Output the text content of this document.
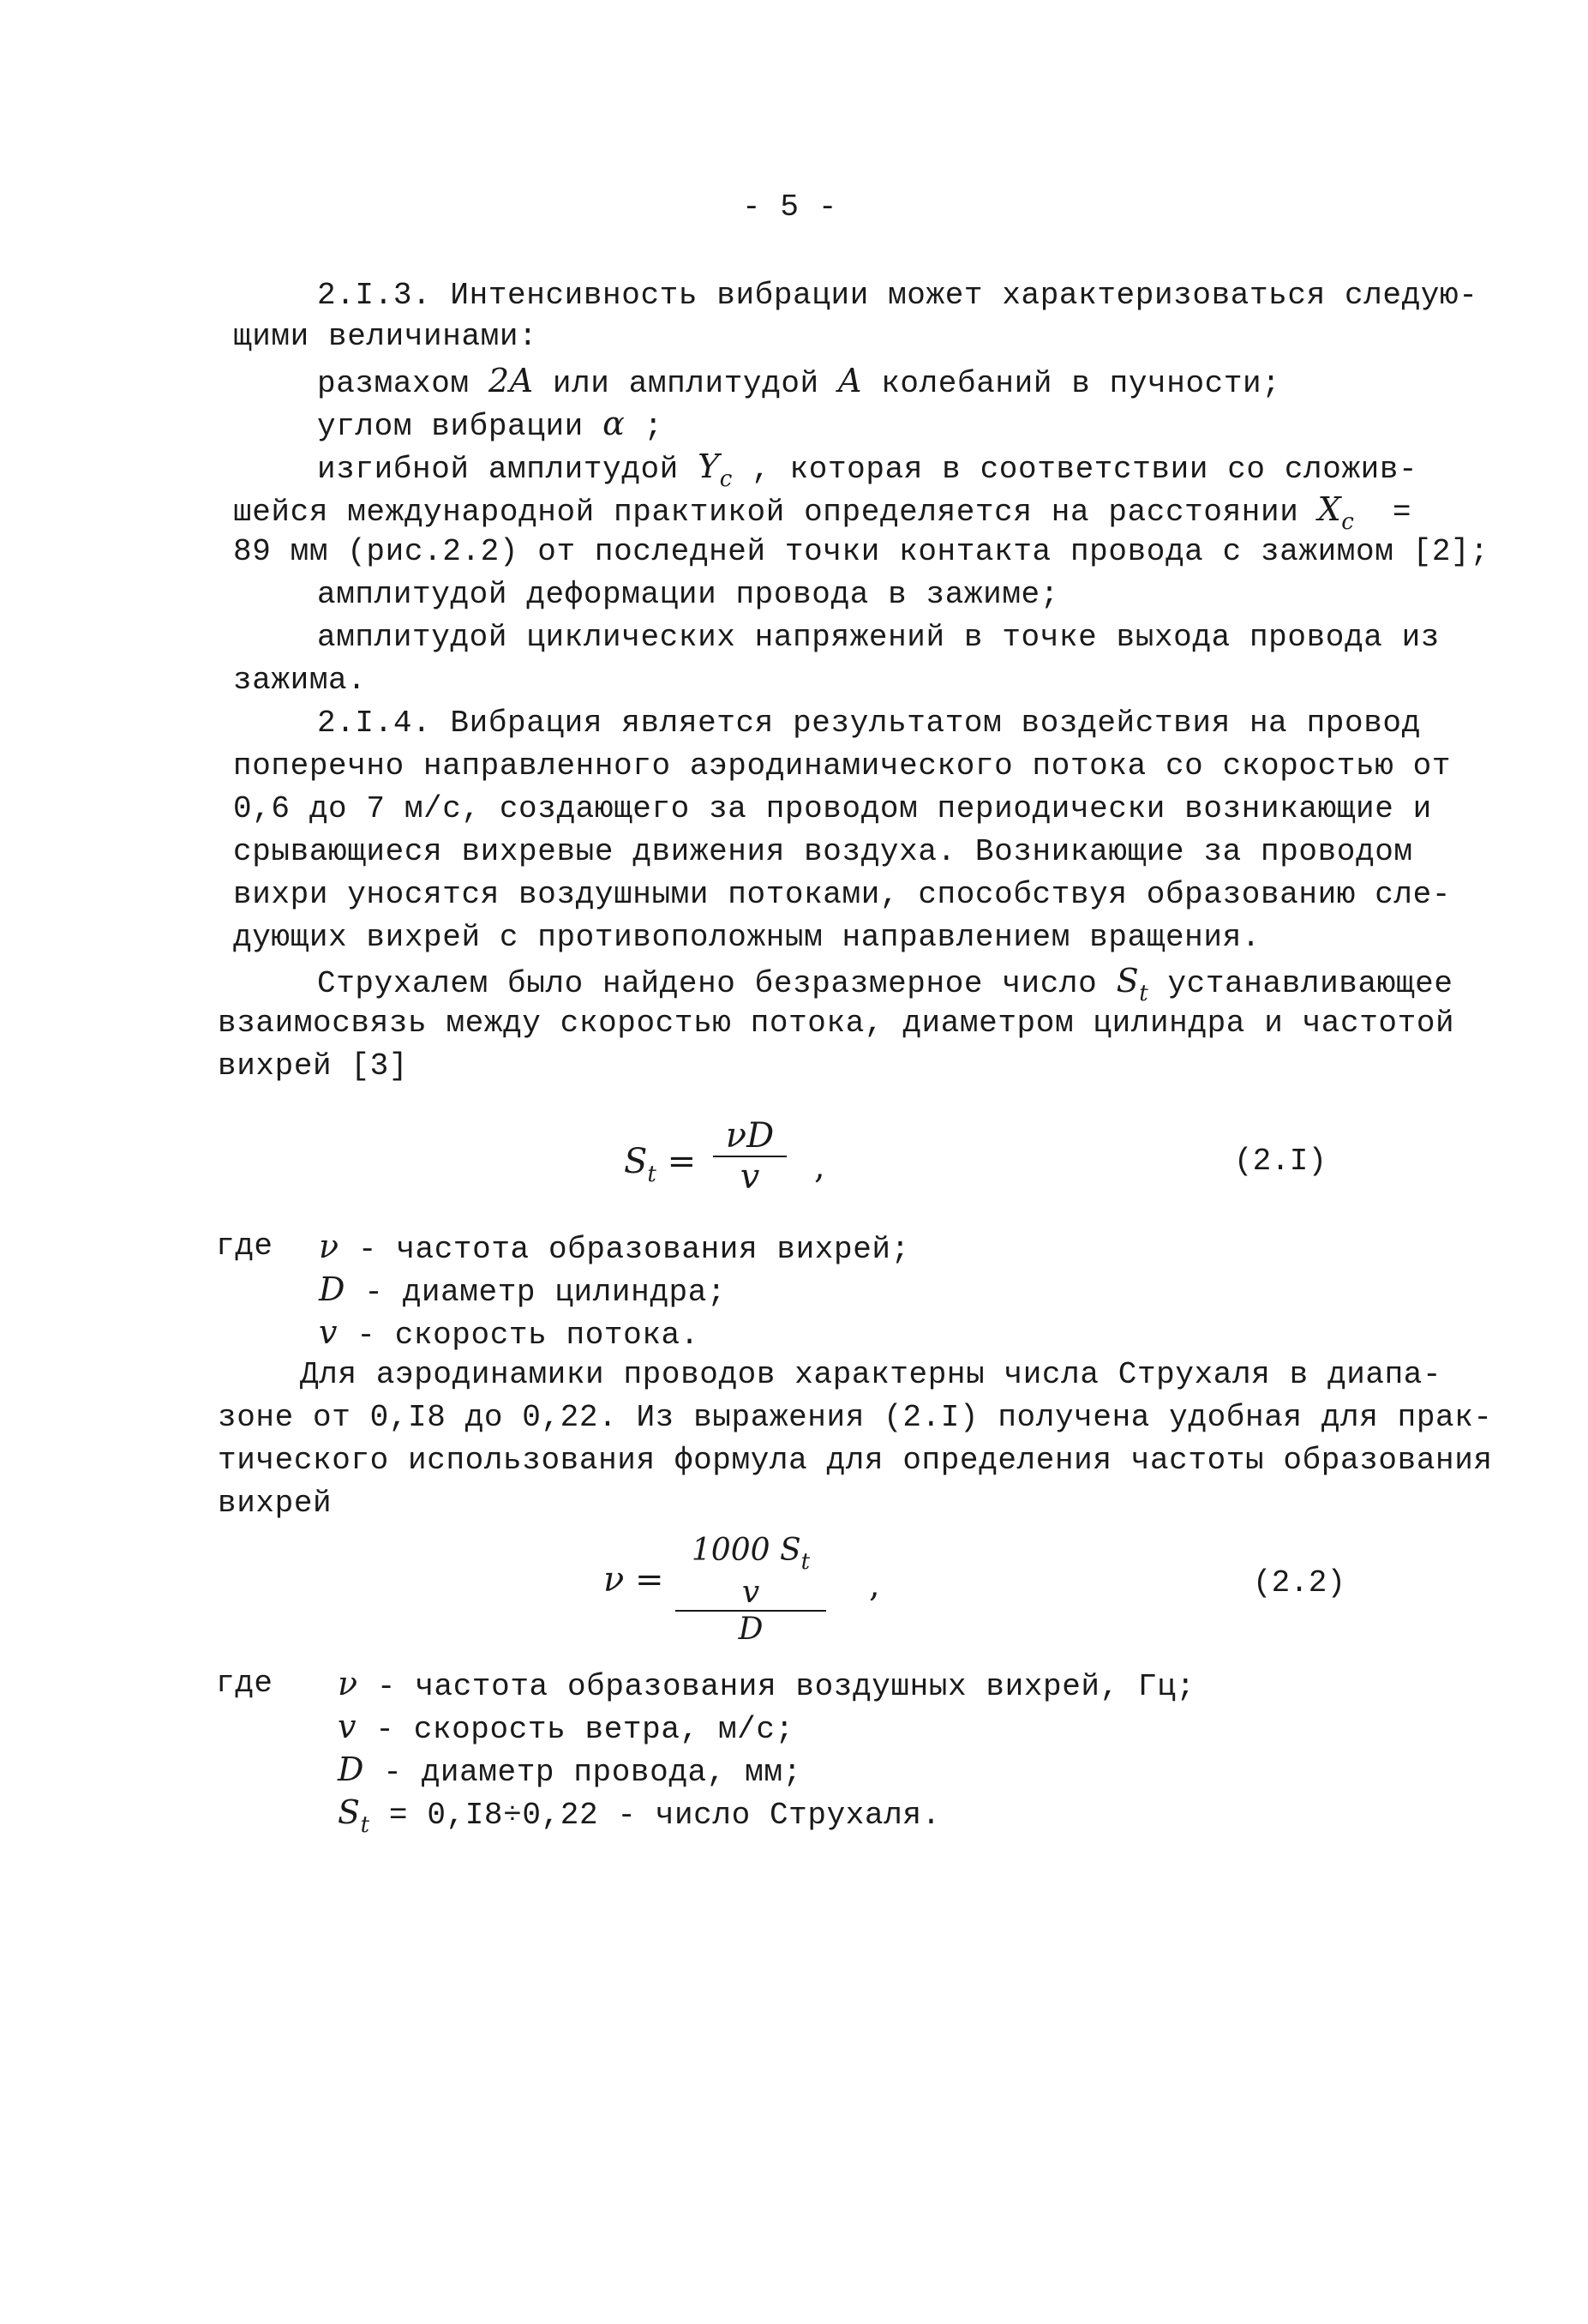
- 5 -
2.I.3. Интенсивность вибрации может характеризоваться следую-
щими величинами:
размахом 2A или амплитудой A колебаний в пучности;
углом вибрации α ;
изгибной амплитудой $Y_c$ , которая в соответствии со сложив-
шейся международной практикой определяется на расстоянии $X_c$  =
89 мм (рис.2.2) от последней точки контакта провода с зажимом [2];
амплитудой деформации провода в зажиме;
амплитудой циклических напряжений в точке выхода провода из
зажима.
2.I.4. Вибрация является результатом воздействия на провод
поперечно направленного аэродинамического потока со скоростью от
0,6 до 7 м/с, создающего за проводом периодически возникающие и
срывающиеся вихревые движения воздуха. Возникающие за проводом
вихри уносятся воздушными потоками, способствуя образованию сле-
дующих вихрей с противоположным направлением вращения.
Струхалем было найдено безразмерное число $S_t$ устанавливающее
взаимосвязь между скоростью потока, диаметром цилиндра и частотой
вихрей [3]
$S_t$ =
νD
v	,	(2.I)
где ν - частота образования вихрей;
D - диаметр цилиндра;
v - скорость потока.
Для аэродинамики проводов характерны числа Струхаля в диапа-
зоне от 0,I8 до 0,22. Из выражения (2.I) получена удобная для прак-
тического использования формула для определения частоты образования
вихрей
ν =
1000 $S_t$ v
D
,	(2.2)
где ν - частота образования воздушных вихрей, Гц;
v - скорость ветра, м/с;
D - диаметр провода, мм;
$S_t = 0,I8\div 0,22$ - число Струхаля.
